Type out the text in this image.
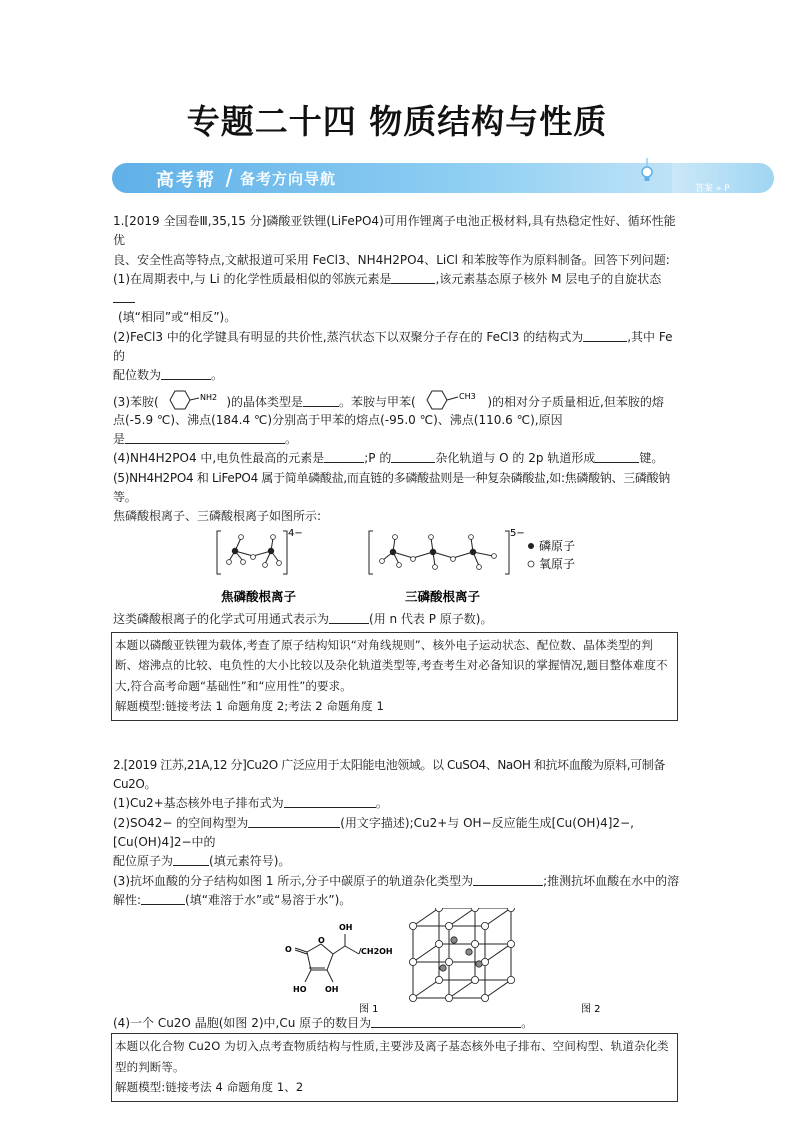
专题二十四 物质结构与性质
高考帮 备考方向导航
答案 » P

1.[2019 全国卷Ⅲ,35,15 分]磷酸亚铁锂(LiFePO4)可用作锂离子电池正极材料,具有热稳定性好、循环性能优

良、安全性高等特点,文献报道可采用 FeCl3、NH4H2PO4、LiCl 和苯胺等作为原料制备。回答下列问题:

(1)在周期表中,与 Li 的化学性质最相似的邻族元素是	,该元素基态原子核外 M 层电子的自旋状态

(填“相同”或“相反”)。

(2)FeCl3 中的化学键具有明显的共价性,蒸汽状态下以双聚分子存在的 FeCl3 的结构式为	,其中 Fe 的

配位数为	。

(3)苯胺(	NH2 )的晶体类型是	。苯胺与甲苯(	CH3 )的相对分子质量相近,但苯胺的熔

点(-5.9 ℃)、沸点(184.4 ℃)分别高于甲苯的熔点(-95.0 ℃)、沸点(110.6 ℃),原因

是	。

(4)NH4H2PO4 中,电负性最高的元素是	;P 的	杂化轨道与 O 的 2p 轨道形成	键。

(5)NH4H2PO4 和 LiFePO4 属于简单磷酸盐,而直链的多磷酸盐则是一种复杂磷酸盐,如:焦磷酸钠、三磷酸钠等。

焦磷酸根离子、三磷酸根离子如图所示:

4−	5−
磷原子
氧原子
焦磷酸根离子	三磷酸根离子

这类磷酸根离子的化学式可用通式表示为	(用 n 代表 P 原子数)。

本题以磷酸亚铁锂为载体,考查了原子结构知识“对角线规则”、核外电子运动状态、配位数、晶体类型的判断、熔沸点的比较、电负性的大小比较以及杂化轨道类型等,考查考生对必备知识的掌握情况,题目整体难度不大,符合高考命题“基础性”和“应用性”的要求。
解题模型:链接考法 1 命题角度 2;考法 2 命题角度 1

2.[2019 江苏,21A,12 分]Cu2O 广泛应用于太阳能电池领域。以 CuSO4、NaOH 和抗坏血酸为原料,可制备 Cu2O。

(1)Cu2+基态核外电子排布式为	。

(2)SO42− 的空间构型为	(用文字描述);Cu2+与 OH−反应能生成[Cu(OH)4]2−,[Cu(OH)4]2−中的

配位原子为	(填元素符号)。

(3)抗坏血酸的分子结构如图 1 所示,分子中碳原子的轨道杂化类型为	;推测抗坏血酸在水中的溶

解性:	(填“难溶于水”或“易溶于水”)。

O
O
HO OH
OH
CH2OH
图 1	图 2

(4)一个 Cu2O 晶胞(如图 2)中,Cu 原子的数目为	。

本题以化合物 Cu2O 为切入点考查物质结构与性质,主要涉及离子基态核外电子排布、空间构型、轨道杂化类型的判断等。
解题模型:链接考法 4 命题角度 1、2
